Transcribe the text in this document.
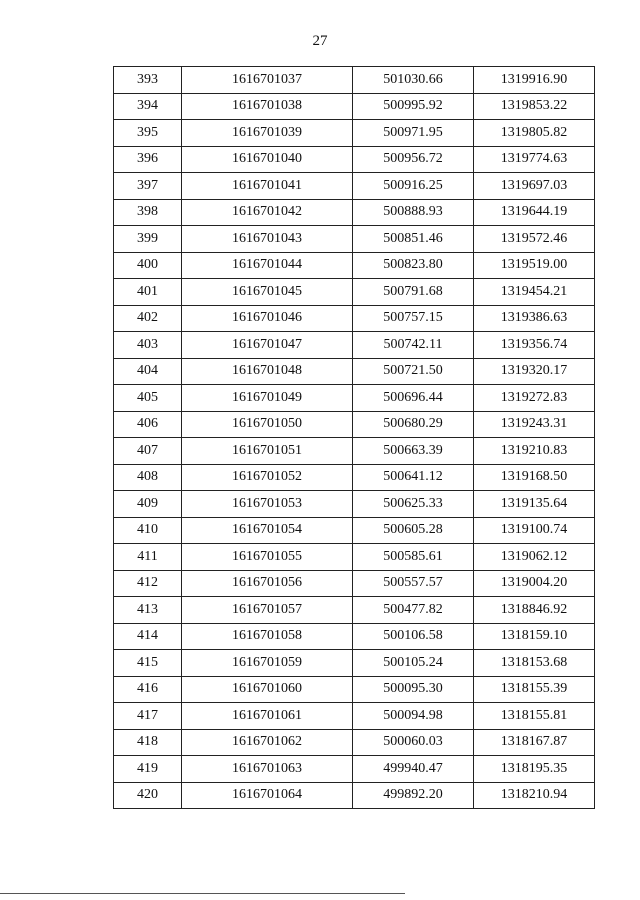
27
393	1616701037	501030.66	1319916.90
394	1616701038	500995.92	1319853.22
395	1616701039	500971.95	1319805.82
396	1616701040	500956.72	1319774.63
397	1616701041	500916.25	1319697.03
398	1616701042	500888.93	1319644.19
399	1616701043	500851.46	1319572.46
400	1616701044	500823.80	1319519.00
401	1616701045	500791.68	1319454.21
402	1616701046	500757.15	1319386.63
403	1616701047	500742.11	1319356.74
404	1616701048	500721.50	1319320.17
405	1616701049	500696.44	1319272.83
406	1616701050	500680.29	1319243.31
407	1616701051	500663.39	1319210.83
408	1616701052	500641.12	1319168.50
409	1616701053	500625.33	1319135.64
410	1616701054	500605.28	1319100.74
411	1616701055	500585.61	1319062.12
412	1616701056	500557.57	1319004.20
413	1616701057	500477.82	1318846.92
414	1616701058	500106.58	1318159.10
415	1616701059	500105.24	1318153.68
416	1616701060	500095.30	1318155.39
417	1616701061	500094.98	1318155.81
418	1616701062	500060.03	1318167.87
419	1616701063	499940.47	1318195.35
420	1616701064	499892.20	1318210.94
